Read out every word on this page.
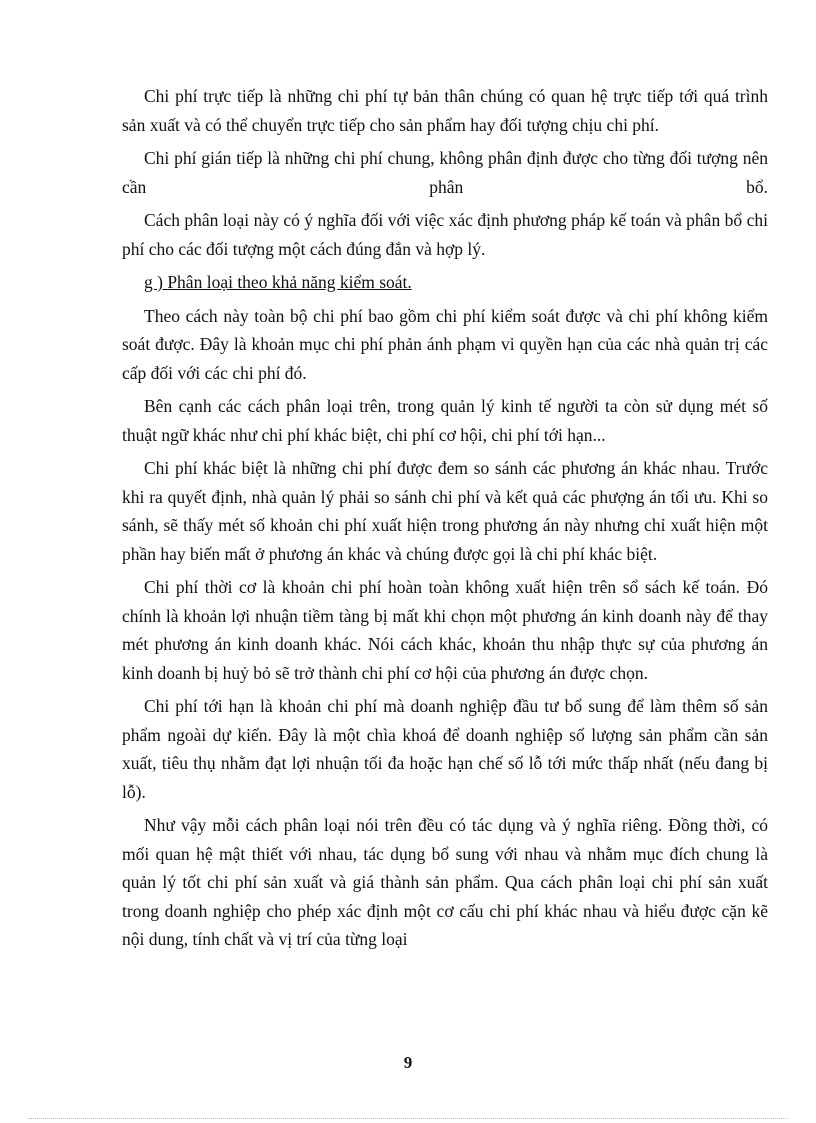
Chi phí trực tiếp là những chi phí tự bản thân chúng có quan hệ trực tiếp tới quá trình sản xuất và có thể chuyển trực tiếp cho sản phẩm hay đối tượng chịu chi phí.

Chi phí gián tiếp là những chi phí chung, không phân định được cho từng đối tượng nên cần phân bổ.

Cách phân loại này có ý nghĩa đối với việc xác định phương pháp kế toán và phân bổ chi phí cho các đối tượng một cách đúng đắn và hợp lý.

g ) Phân loại theo khả năng kiểm soát.

Theo cách này toàn bộ chi phí bao gồm chi phí kiểm soát được và chi phí không kiểm soát được. Đây là khoản mục chi phí phản ánh phạm vi quyền hạn của các nhà quản trị các cấp đối với các chi phí đó.

Bên cạnh các cách phân loại trên, trong quản lý kinh tế người ta còn sử dụng mét số thuật ngữ khác như chi phí khác biệt, chi phí cơ hội, chi phí tới hạn...

Chi phí khác biệt là những chi phí được đem so sánh các phương án khác nhau. Trước khi ra quyết định, nhà quản lý phải so sánh chi phí và kết quả các phượng án tối ưu. Khi so sánh, sẽ thấy mét số khoản chi phí xuất hiện trong phương án này nhưng chỉ xuất hiện một phần hay biến mất ở phương án khác và chúng được gọi là chi phí khác biệt.

Chi phí thời cơ là khoản chi phí hoàn toàn không xuất hiện trên sổ sách kế toán. Đó chính là khoản lợi nhuận tiềm tàng bị mất khi chọn một phương án kinh doanh này để thay mét phương án kinh doanh khác. Nói cách khác, khoản thu nhập thực sự của phương án kinh doanh bị huỷ bỏ sẽ trở thành chi phí cơ hội của phương án được chọn.

Chi phí tới hạn là khoản chi phí mà doanh nghiệp đầu tư bổ sung để làm thêm số sản phẩm ngoài dự kiến. Đây là một chìa khoá để doanh nghiệp số lượng sản phẩm cần sản xuất, tiêu thụ nhằm đạt lợi nhuận tối đa hoặc hạn chế số lỗ tới mức thấp nhất (nếu đang bị lỗ).

Như vậy mỗi cách phân loại nói trên đều có tác dụng và ý nghĩa riêng. Đồng thời, có mối quan hệ mật thiết với nhau, tác dụng bổ sung với nhau và nhằm mục đích chung là quản lý tốt chi phí sản xuất và giá thành sản phẩm. Qua cách phân loại chi phí sản xuất trong doanh nghiệp cho phép xác định một cơ cấu chi phí khác nhau và hiểu được cặn kẽ nội dung, tính chất và vị trí của từng loại

9
